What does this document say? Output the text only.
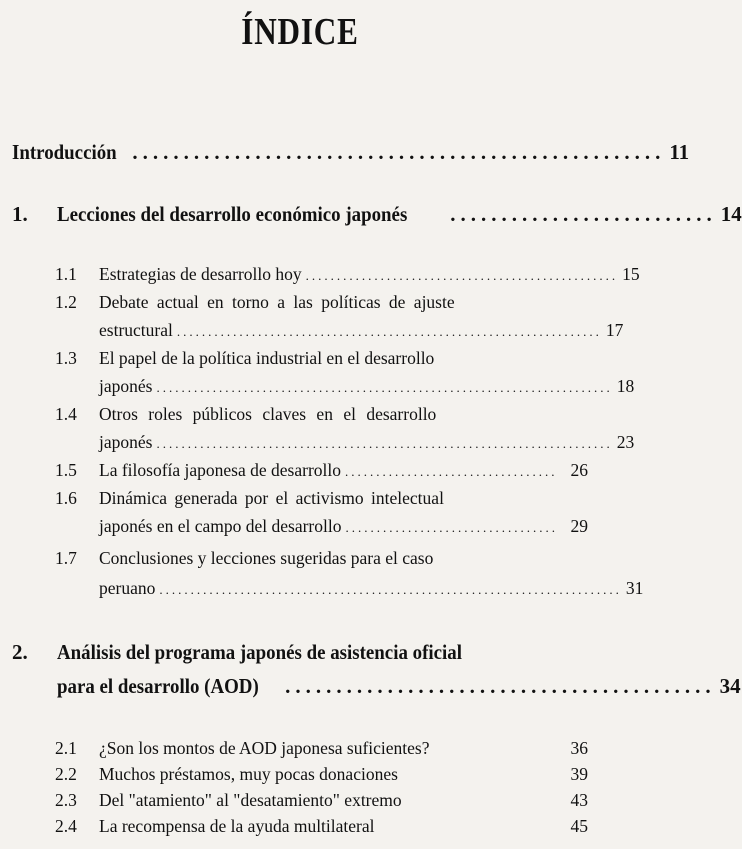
ÍNDICE
Introducción .................................................... 11
1.	Lecciones del desarrollo económico japonés .......................... 14
1.1	Estrategias de desarrollo hoy .................................................. 15
1.2	Debate actual en torno a las políticas de ajuste
estructural .................................................................... 17
1.3	El papel de la política industrial en el desarrollo
japonés ......................................................................... 18
1.4	Otros roles públicos claves en el desarrollo
japonés ......................................................................... 23
1.5	La filosofía japonesa de desarrollo .................................. 26
1.6	Dinámica generada por el activismo intelectual
japonés en el campo del desarrollo .................................. 29
1.7	Conclusiones y lecciones sugeridas para el caso
peruano .......................................................................... 31
2.	Análisis del programa japonés de asistencia oficial
para el desarrollo (AOD) .......................................... 34
2.1	¿Son los montos de AOD japonesa suficientes?	36
2.2	Muchos préstamos, muy pocas donaciones	39
2.3	Del "atamiento" al "desatamiento" extremo	43
2.4	La recompensa de la ayuda multilateral	45
